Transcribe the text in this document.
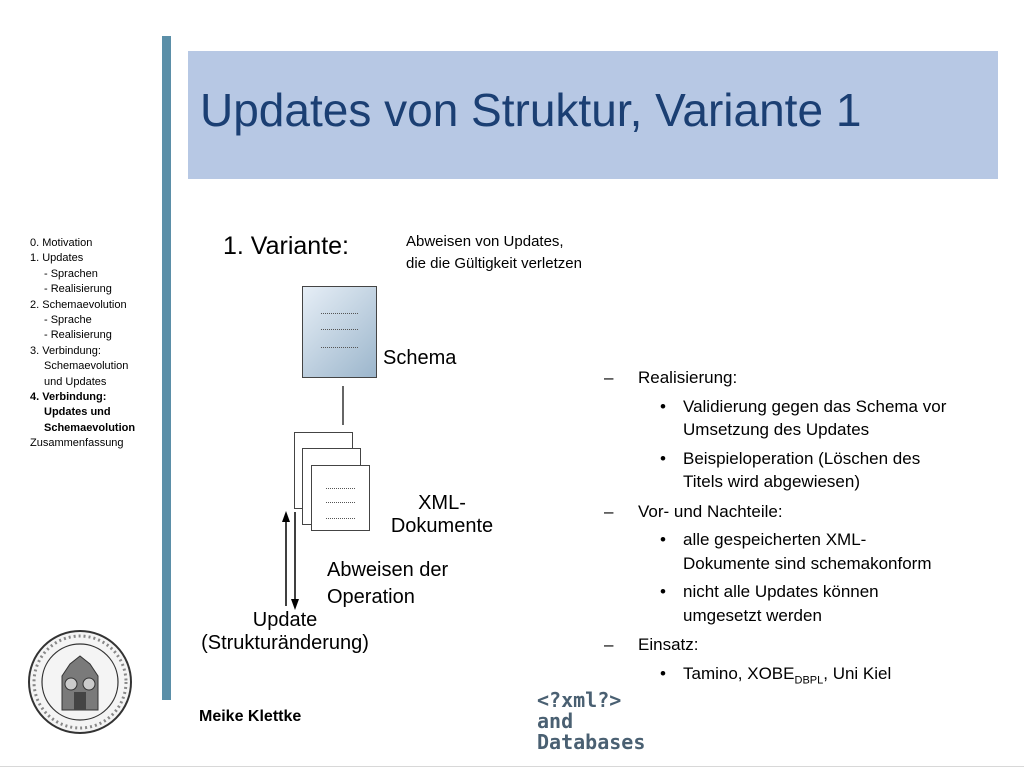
Updates von Struktur, Variante 1
0. Motivation
1. Updates
- Sprachen
- Realisierung
2. Schemaevolution
- Sprache
- Realisierung
3. Verbindung:
Schemaevolution
und Updates
4. Verbindung:
Updates und
Schemaevolution
Zusammenfassung
1. Variante:	Abweisen von Updates,
die die Gültigkeit verletzen
Schema
XML-
Dokumente
Abweisen der
Operation
Update
(Strukturänderung)
– Realisierung:
• Validierung gegen das Schema vor
Umsetzung des Updates
• Beispieloperation (Löschen des
Titels wird abgewiesen)
– Vor- und Nachteile:
• alle gespeicherten XML-
Dokumente sind schemakonform
• nicht alle Updates können
umgesetzt werden
– Einsatz:
• Tamino, $XOBE_{DBPL}$, Uni Kiel
Meike Klettke
<?xml?>
and
Databases
